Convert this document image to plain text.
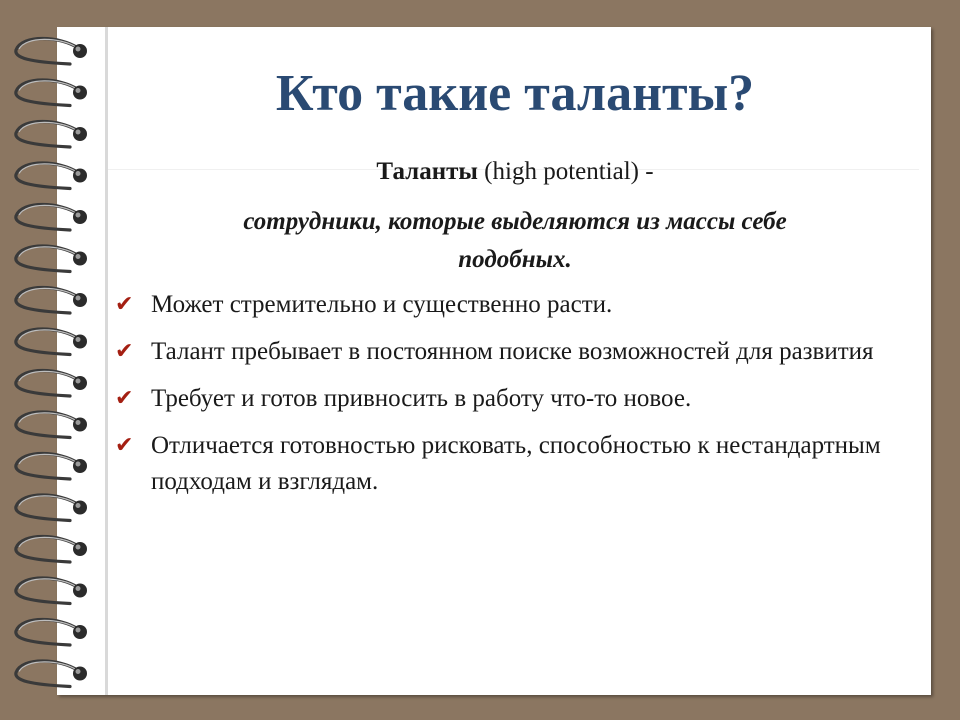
Кто такие таланты?
Таланты (high potential) -
сотрудники, которые выделяются из массы себе
подобных.
✔ Может стремительно и существенно расти.
✔ Талант пребывает в постоянном поиске возможностей для развития
✔ Требует и готов привносить в работу что-то новое.
✔ Отличается готовностью рисковать, способностью к нестандартным подходам и взглядам.
